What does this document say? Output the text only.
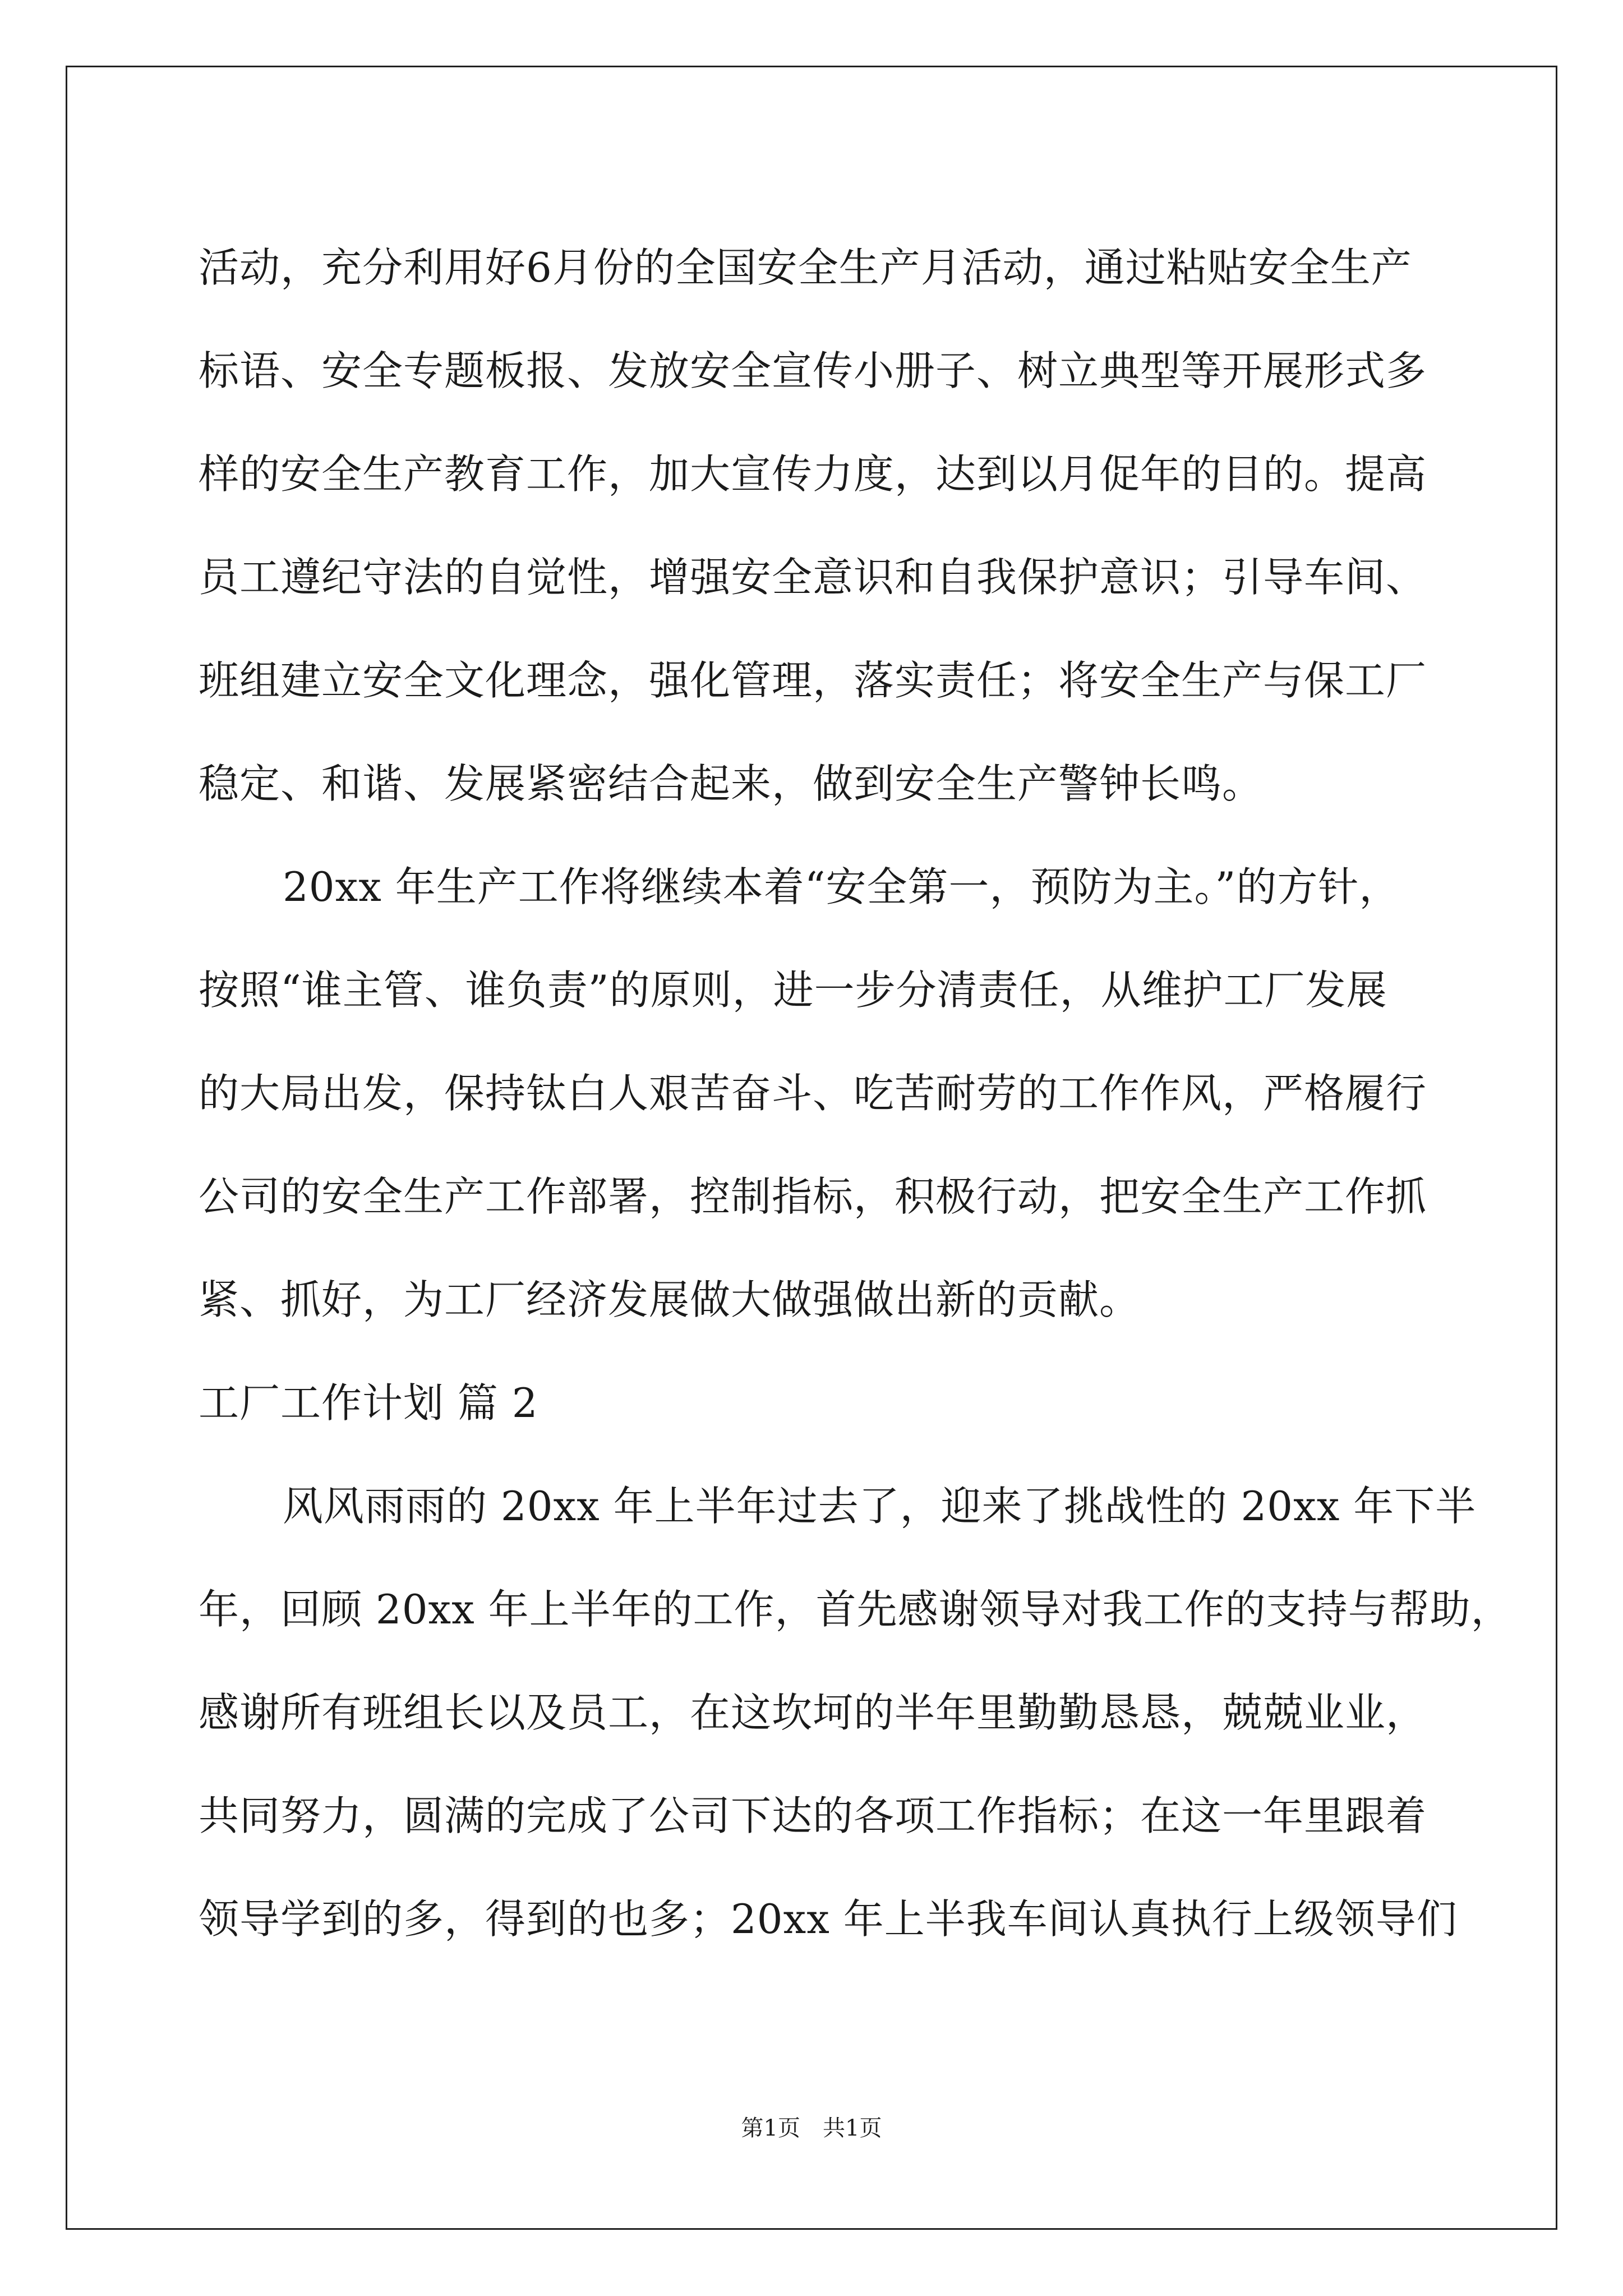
活动，充分利用好6月份的全国安全生产月活动，通过粘贴安全生产
标语、安全专题板报、发放安全宣传小册子、树立典型等开展形式多
样的安全生产教育工作，加大宣传力度，达到以月促年的目的。提高
员工遵纪守法的自觉性，增强安全意识和自我保护意识；引导车间、
班组建立安全文化理念，强化管理，落实责任；将安全生产与保工厂
稳定、和谐、发展紧密结合起来，做到安全生产警钟长鸣。
20xx 年生产工作将继续本着“安全第一，预防为主。”的方针，
按照“谁主管、谁负责”的原则，进一步分清责任，从维护工厂发展
的大局出发，保持钛白人艰苦奋斗、吃苦耐劳的工作作风，严格履行
公司的安全生产工作部署，控制指标，积极行动，把安全生产工作抓
紧、抓好，为工厂经济发展做大做强做出新的贡献。
工厂工作计划 篇 2
风风雨雨的 20xx 年上半年过去了，迎来了挑战性的 20xx 年下半
年，回顾 20xx 年上半年的工作，首先感谢领导对我工作的支持与帮助，
感谢所有班组长以及员工，在这坎坷的半年里勤勤恳恳，兢兢业业，
共同努力，圆满的完成了公司下达的各项工作指标；在这一年里跟着
领导学到的多，得到的也多；20xx 年上半我车间认真执行上级领导们
第1页　共1页
